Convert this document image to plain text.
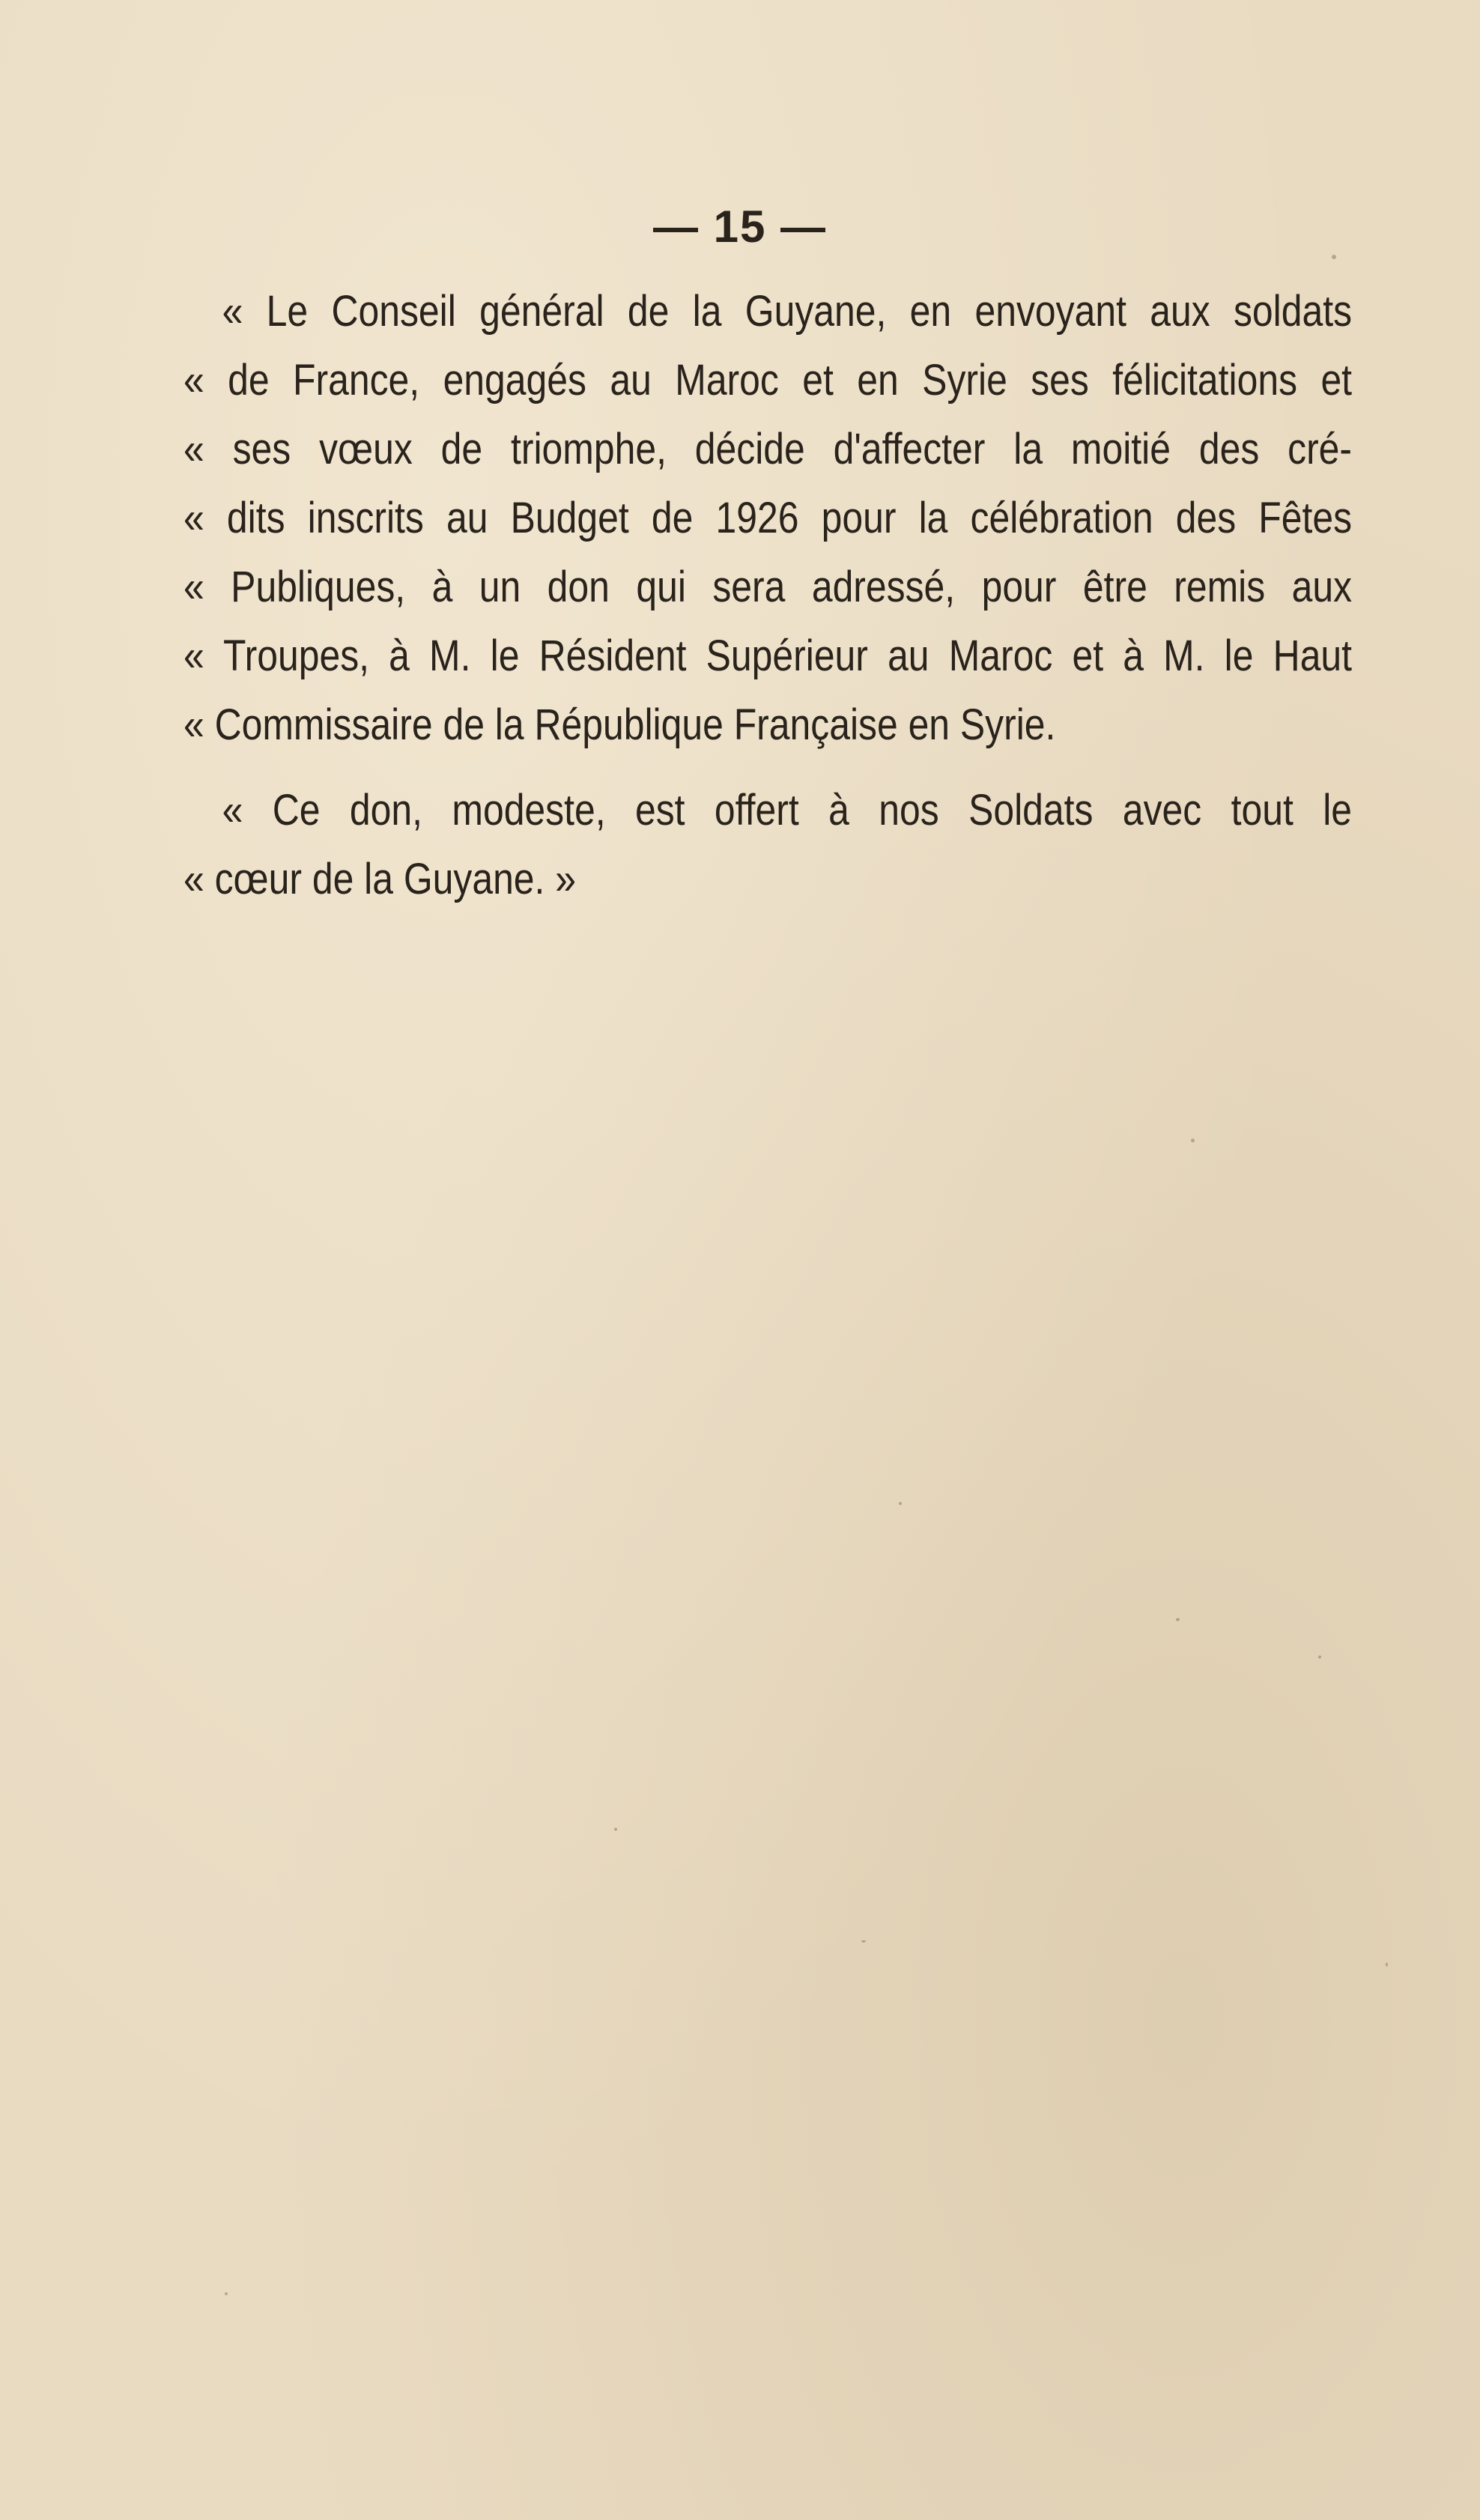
— 15 —
« Le Conseil général de la Guyane, en envoyant aux soldats
« de France, engagés au Maroc et en Syrie ses félicitations et
« ses vœux de triomphe, décide d'affecter la moitié des cré-
« dits inscrits au Budget de 1926 pour la célébration des Fêtes
« Publiques, à un don qui sera adressé, pour être remis aux
« Troupes, à M. le Résident Supérieur au Maroc et à M. le Haut
« Commissaire de la République Française en Syrie.
« Ce don, modeste, est offert à nos Soldats avec tout le
« cœur de la Guyane. »
